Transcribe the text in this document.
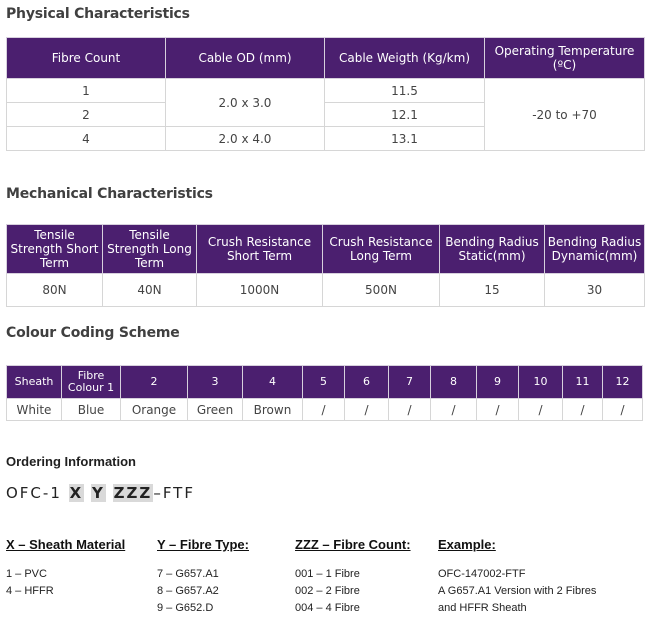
Physical Characteristics
Fibre Count	Cable OD (mm)	Cable Weigth (Kg/km)	Operating Temperature (ºC)
1	2.0 x 3.0	11.5	-20 to +70
2		12.1	
4	2.0 x 4.0	13.1	
Mechanical Characteristics
Tensile Strength Short Term	Tensile Strength Long Term	Crush Resistance Short Term	Crush Resistance Long Term	Bending Radius Static(mm)	Bending Radius Dynamic(mm)
80N	40N	1000N	500N	15	30
Colour Coding Scheme
Sheath	Fibre Colour 1	2	3	4	5	6	7	8	9	10	11	12
White	Blue	Orange	Green	Brown	/	/	/	/	/	/	/	/
Ordering Information
OFC-1 X Y ZZZ–FTF
X – Sheath Material
1 – PVC
4 – HFFR
Y – Fibre Type:
7 – G657.A1
8 – G657.A2
9 – G652.D
ZZZ – Fibre Count:
001 – 1 Fibre
002 – 2 Fibre
004 – 4 Fibre
Example:
OFC-147002-FTF
A G657.A1 Version with 2 Fibres
and HFFR Sheath
